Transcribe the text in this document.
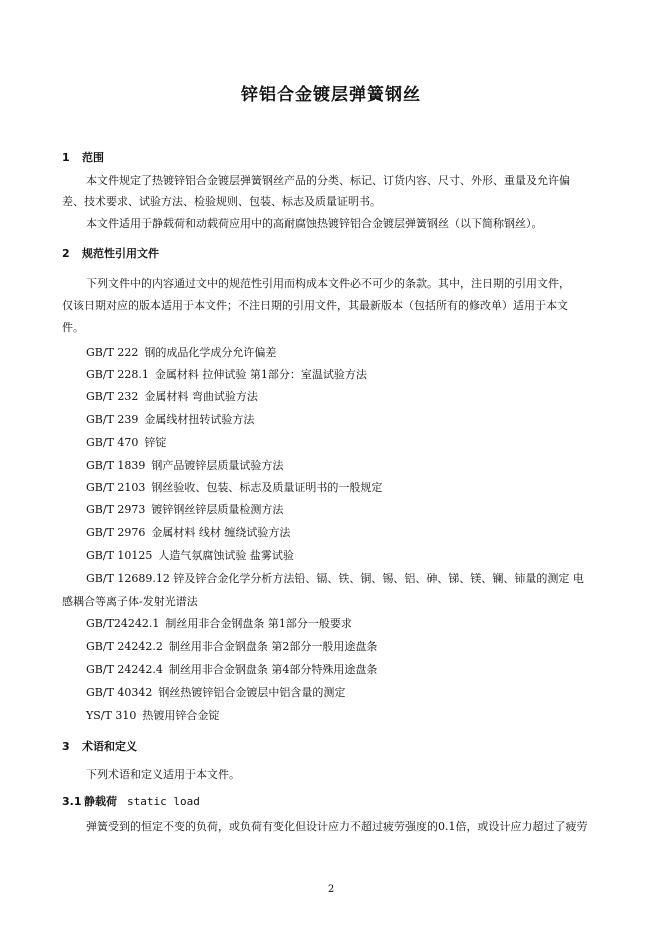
锌铝合金镀层弹簧钢丝
1 范围
本文件规定了热镀锌铝合金镀层弹簧钢丝产品的分类、标记、订货内容、尺寸、外形、重量及允许偏
差、技术要求、试验方法、检验规则、包装、标志及质量证明书。
本文件适用于静载荷和动载荷应用中的高耐腐蚀热镀锌铝合金镀层弹簧钢丝（以下简称钢丝）。
2 规范性引用文件
下列文件中的内容通过文中的规范性引用而构成本文件必不可少的条款。其中，注日期的引用文件，
仅该日期对应的版本适用于本文件；不注日期的引用文件，其最新版本（包括所有的修改单）适用于本文
件。
GB/T 222 钢的成品化学成分允许偏差
GB/T 228.1 金属材料 拉伸试验 第1部分：室温试验方法
GB/T 232 金属材料 弯曲试验方法
GB/T 239 金属线材扭转试验方法
GB/T 470 锌锭
GB/T 1839 钢产品镀锌层质量试验方法
GB/T 2103 钢丝验收、包装、标志及质量证明书的一般规定
GB/T 2973 镀锌钢丝锌层质量检测方法
GB/T 2976 金属材料 线材 缠绕试验方法
GB/T 10125 人造气氛腐蚀试验 盐雾试验
GB/T 12689.12 锌及锌合金化学分析方法铅、镉、铁、铜、锡、铝、砷、锑、镁、镧、铈量的测定 电
感耦合等离子体-发射光谱法
GB/T24242.1 制丝用非合金钢盘条 第1部分一般要求
GB/T 24242.2 制丝用非合金钢盘条 第2部分一般用途盘条
GB/T 24242.4 制丝用非合金钢盘条 第4部分特殊用途盘条
GB/T 40342 钢丝热镀锌铝合金镀层中铝含量的测定
YS/T 310 热镀用锌合金锭
3 术语和定义
下列术语和定义适用于本文件。
3.1 静载荷 static load
弹簧受到的恒定不变的负荷，或负荷有变化但设计应力不超过疲劳强度的0.1倍，或设计应力超过了疲劳
2
